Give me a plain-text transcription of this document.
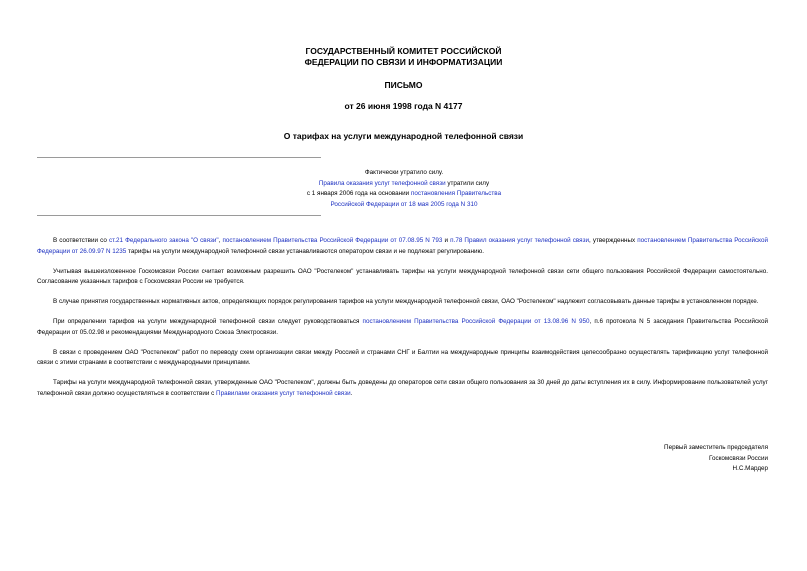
ГОСУДАРСТВЕННЫЙ КОМИТЕТ РОССИЙСКОЙ
ФЕДЕРАЦИИ ПО СВЯЗИ И ИНФОРМАТИЗАЦИИ
ПИСЬМО
от 26 июня 1998 года N 4177
О тарифах на услуги международной телефонной связи
Фактически утратило силу.
Правила оказания услуг телефонной связи утратили силу
с 1 января 2006 года на основании постановления Правительства
Российской Федерации от 18 мая 2005 года N 310

В соответствии со ст.21 Федерального закона "О связи", постановлением Правительства Российской Федерации от 07.08.95 N 793 и п.78 Правил оказания услуг телефонной связи, утвержденных постановлением Правительства Российской Федерации от 26.09.97 N 1235 тарифы на услуги международной телефонной связи устанавливаются оператором связи и не подлежат регулированию.

Учитывая вышеизложенное Госкомсвязи России считает возможным разрешить ОАО "Ростелеком" устанавливать тарифы на услуги международной телефонной связи сети общего пользования Российской Федерации самостоятельно. Согласование указанных тарифов с Госкомсвязи России не требуется.

В случае принятия государственных нормативных актов, определяющих порядок регулирования тарифов на услуги международной телефонной связи, ОАО "Ростелеком" надлежит согласовывать данные тарифы в установленном порядке.

При определении тарифов на услуги международной телефонной связи следует руководствоваться постановлением Правительства Российской Федерации от 13.08.96 N 950, п.6 протокола N 5 заседания Правительства Российской Федерации от 05.02.98 и рекомендациями Международного Союза Электросвязи.

В связи с проведением ОАО "Ростелеком" работ по переводу схем организации связи между Россией и странами СНГ и Балтии на международные принципы взаимодействия целесообразно осуществлять тарификацию услуг телефонной связи с этими странами в соответствии с международными принципами.

Тарифы на услуги международной телефонной связи, утвержденные ОАО "Ростелеком", должны быть доведены до операторов сети связи общего пользования за 30 дней до даты вступления их в силу. Информирование пользователей услуг телефонной связи должно осуществляться в соответствии с Правилами оказания услуг телефонной связи.

Первый заместитель председателя
Госкомсвязи России
Н.С.Мардер
